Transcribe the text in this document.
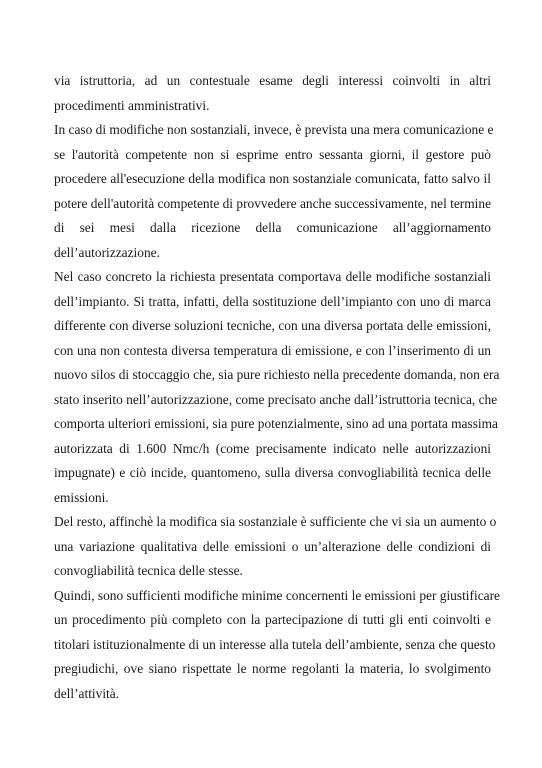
via istruttoria, ad un contestuale esame degli interessi coinvolti in altri
procedimenti amministrativi.
In caso di modifiche non sostanziali, invece, è prevista una mera comunicazione e
se l'autorità competente non si esprime entro sessanta giorni, il gestore può
procedere all'esecuzione della modifica non sostanziale comunicata, fatto salvo il
potere dell'autorità competente di provvedere anche successivamente, nel termine
di sei mesi dalla ricezione della comunicazione all’aggiornamento
dell’autorizzazione.
Nel caso concreto la richiesta presentata comportava delle modifiche sostanziali
dell’impianto. Si tratta, infatti, della sostituzione dell’impianto con uno di marca
differente con diverse soluzioni tecniche, con una diversa portata delle emissioni,
con una non contesta diversa temperatura di emissione, e con l’inserimento di un
nuovo silos di stoccaggio che, sia pure richiesto nella precedente domanda, non era
stato inserito nell’autorizzazione, come precisato anche dall’istruttoria tecnica, che
comporta ulteriori emissioni, sia pure potenzialmente, sino ad una portata massima
autorizzata di 1.600 Nmc/h (come precisamente indicato nelle autorizzazioni
impugnate) e ciò incide, quantomeno, sulla diversa convogliabilità tecnica delle
emissioni.
Del resto, affinchè la modifica sia sostanziale è sufficiente che vi sia un aumento o
una variazione qualitativa delle emissioni o un’alterazione delle condizioni di
convogliabilità tecnica delle stesse.
Quindi, sono sufficienti modifiche minime concernenti le emissioni per giustificare
un procedimento più completo con la partecipazione di tutti gli enti coinvolti e
titolari istituzionalmente di un interesse alla tutela dell’ambiente, senza che questo
pregiudichi, ove siano rispettate le norme regolanti la materia, lo svolgimento
dell’attività.
